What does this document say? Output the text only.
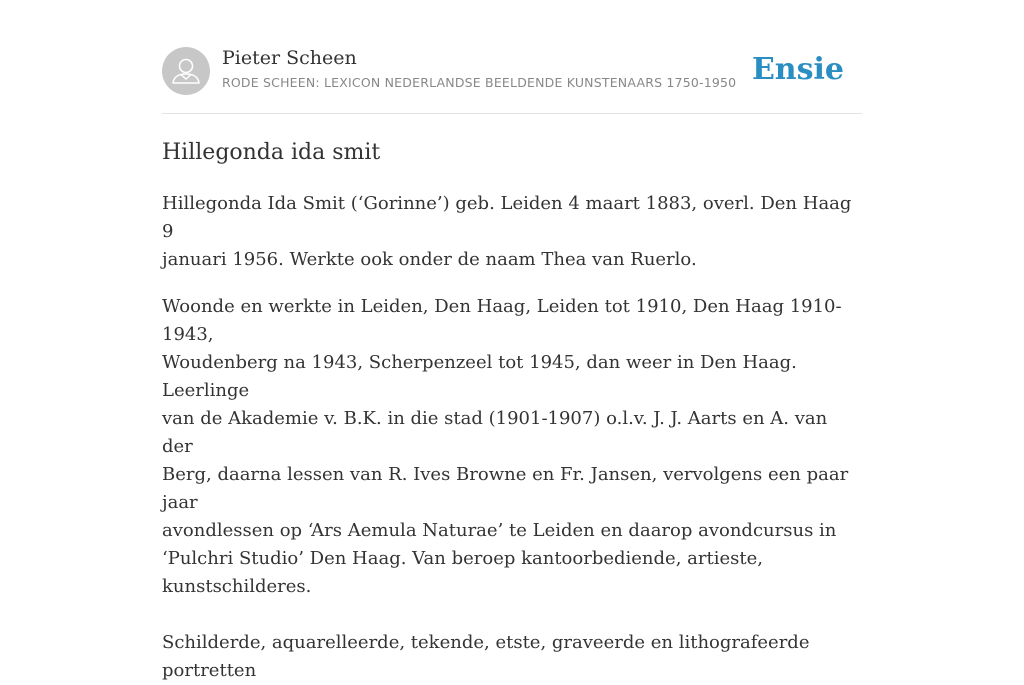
Pieter Scheen
RODE SCHEEN: LEXICON NEDERLANDSE BEELDENDE KUNSTENAARS 1750-1950 Ensie
Hillegonda ida smit

Hillegonda Ida Smit (‘Gorinne’) geb. Leiden 4 maart 1883, overl. Den Haag 9
januari 1956. Werkte ook onder de naam Thea van Ruerlo.

Woonde en werkte in Leiden, Den Haag, Leiden tot 1910, Den Haag 1910-1943,
Woudenberg na 1943, Scherpenzeel tot 1945, dan weer in Den Haag. Leerlinge
van de Akademie v. B.K. in die stad (1901-1907) o.l.v. J. J. Aarts en A. van der
Berg, daarna lessen van R. Ives Browne en Fr. Jansen, vervolgens een paar jaar
avondlessen op ‘Ars Aemula Naturae’ te Leiden en daarop avondcursus in
‘Pulchri Studio’ Den Haag. Van beroep kantoorbediende, artieste,
kunstschilderes.

Schilderde, aquarelleerde, tekende, etste, graveerde en lithografeerde portretten
